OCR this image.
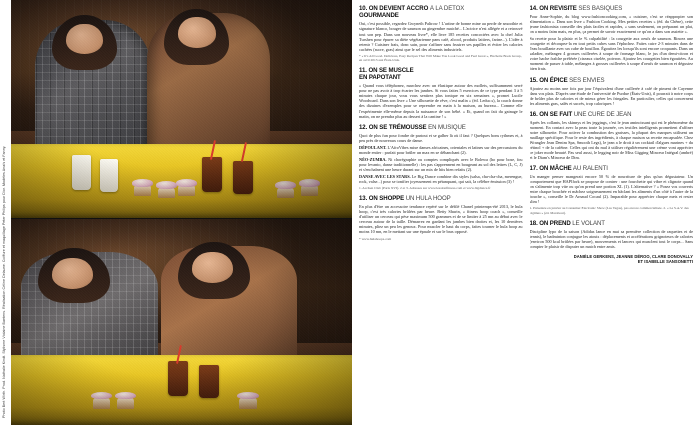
Photo Bert Wirth. Prod. Nathalie Kindt. Stylisme Violaine Baetens. Réalisation Céline Delaune. Coiffure et maquillage Peter Philips pour Dior. Modèles Anaïs et Fanny.
10. ON DEVIENT ACCRO À LA DÉTOX
GOURMANDE

Oui, c'est possible, regardez Gwyneth Paltrow ! L'artine de bonne mine au perde de smoothie et signature blanco, bouger de saumon au gingembre matché... L'actrice n'est allégée et a retrouvé tout son pep. Dans son nouveau livre*, elle livre 185 recettes concoctées avec la chef Julia Turshen pour épurer sa diète végétarienne pans café, alcool, produits laitiers, farine...). L'idée à retenir ? Cuisiner frais, donc sain, pour s'affiner sans frustrer ses papilles et éviter les calories cachées (sucre, gras) ainsi que le sel des aliments industriels.

* « It's All Good. Delicious, Easy Recipes That Will Make You Look Good and Feel Great », Hachette Book Group, en avril 2013 aux États-Unis.

11. ON SE MUSCLE
EN PAPOTANT

« Quand vous téléphonez, marchez avec un élastique autour des mollets, suffisamment serré pour ne pas avoir à trop écarter les jambes. Si vous faites 5 exercices de ce type pendant 3 à 5 minutes chaque jour, vous vous sentirez plus tonique en six semaines », promet Lucile Woodward. Dans son livre « Une silhouette de rêve, c'est malin » (éd. Leduc.s), la coach donne des dizaines d'exemples pour se reprendre en main à la maison, au bureau... Comme elle l'expérimente elle-même depuis la naissance de son bébé. « Et, quand on fait du gainage le matin, on ne prendra plus au dessert à la cantine ! »

12. ON SE TRÉMOUSSE EN MUSIQUE

Quoi de plus fun pour fondre de partout et se galber là où il faut ? Quelques bons rythmes et, à peu près de nouveaux cours de danse.

DÉPOULANT. L'AfroVibes mixe danses africaines, orientales et latines sur des percussions du monde entier : parfait pour brûler un max en se déhanchant (2).

NÉO-ZUMBA. Ni chorégraphie ou comptes compliqués avec le Bolewa (ho pour bose, fou pour levanto, danse traditionnelle) : les pas s'apprennent en bougeant au sol des lettres (L, C, J) et s'enchaînent une heure durant sur un mix de hits bien refaits (2).

DANSE AVEC LES STARS. Le Big Dance combine dix styles (salsa, cha-cha-cha, merengue, rock, valse...) pour se tonifier joyeusement en pétanquant, qui sait, la célèbre émission (3) !

1. Au Ken Club (Paris XVI). 2 et 3. Adresses sur www.lesalonfitness.com et www.bigdance.fr

13. ON SHOPPE UN HULA HOOP

En plus d'être un accessoire tendance repéré sur le défilé Chanel printemps-été 2013, le hula hoop, c'est très calories brûlées par heure. Betty Shurin, « fitness hoop coach », conseille d'utiliser un cerceau qui pèse maximum 500 grammes et de se limiter à 25 mn au début avec le cerceau autour de la taille. Démarrez en gardant les jambes bien droites et, les 10 dernières minutes, pliez un peu les genoux. Pour muscler le haut du corps, faites tourner le hula hoop au moins 10 mn, en le mettant sur une épaule et sur le bras opposé.

* www.hulahoops.com

14. ON REVISITE SES BASIQUES

Pour Anne-Sophie, du blog www.fashioncooking.com, « cuisiner, c'est se réappropier son alimentation ». Dans son livre « Fashion Cooking. Mes petites recettes » (éd. du Chêne), cette jeune fashionista conseille des plats faciles et rapides, « sans seulement, on préparant un plat, on a moins faim mais, en plus, ça permet de savoir exactement ce qu'on a dans son assiette ».

Sa recette pour la plaisir et le % culpabilité : la courgette aux oeufs de saumon. Rincez une courgette et découpez-la en tout petits cubes sans l'épluchez. Faites cuire 2-3 minutes dans de l'eau bouillante avec un cube de bouillon. Égouttez les lorsqu'ils sont encore croquants. Dans un saladier, mélangez 4 grosses cuillerées à soupe de fromage blanc, le jus d'un demi-citron et votre hache fraîche préférée (ciseaux ciselée, poivron. Ajoutez les courgettes bien égouttées. Au moment de passer à table, mélangez à grosses cuillerées à soupe d'oeufs de saumon et dégustez bien frais.

15. ON ÉPICE SES ENVIES

Ajoutez au moins une fois par jour l'équivalent d'une cuillerée à café de piment de Cayenne dans vos plats. D'après une étude de l'université de Purdue (États-Unis), il pourrait à notre corps de brûler plus de calories et de mieux gérer les fringales. En particulier, celles qui concernent les aliments gras, salés et sucrés, trop caloriques !

16. ON SE FAIT UNE CURE DE JEAN

Après les collants, les skinnys et les jeggings, c'est le jean amincissant qui est le phénomène du moment. En contact avec la peau toute la journée, ces textiles intelligents promettent d'affiner notre silhouette. Pour activer la combustion des graisses, la plupart des marques utilisent un maillage spécifique. Pour le reste des ingrédients, à chaque maison sa recette encapsulée. Chez Wrangler Jean Denim Spa, Smooth Legs), le jean a le droit à un cocktail d'algues marines + du rétinol + de la caféine. Celles qui ont du mal à utiliser régulièrement une crème vont apprécier ce joker mode beauté. Pas seul aussi, le legging noir de Miss Gigging Minceur Intégral (ambré) et le Diam's Minceur de Dim.

17. ON MÂCHE AU RALENTI

Un manger penser mangerait encore 50 % de nourriture de plus qu'un dégustateur. Un comportement que HAPIfork se propose de contrer : une fourchette qui vibre et clignote quand on s'alimente trop vite ou qu'on prend une portion XL (1). L'alternative ? « Posez vos couverts entre chaque bouchée et mâchez soigneusement en bâclant les aliments d'un côté à l'autre de la bouche », conseille le Dr Arnaud Cocaul (2). Imparable pour apprécier chaque mets et rester slim !

1. Présentée en janvier au Consumer Electronic Show (Las Vegas), pas encore commercialisée. 2. « Le S.A.V. des régimes » (éd. Marabout).

18. ON PREND LE VOLANT

Discipline lypo de la saison (Adidas lance en mai sa première collection de raquettes et de tennis), le badminton conjugue les atouts : déplacements et accélérations grignoteurs de calories (environ 500 kcal brûlées par heure), mouvements et lancers qui musclent tout le corps... Sans compter le plaisir de disputer un match entre amis.

DANIÈLE GERKENS, JEANNE DÉROO, CLARE DONOVALLY
ET ISABELLE SANSONETTI
